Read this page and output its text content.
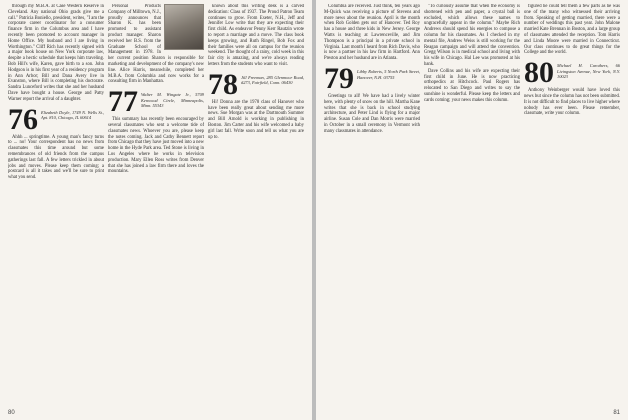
through my M.B.A. at Case Western Reserve in Cleveland. Any national Ohio grads give me a call." Patricia Boniello, president, writes, "I am the corporate career coordinator for a consumer finance firm in the Columbus area and I have recently been promoted to account manager in Home Office. My husband and I are living in Worthington." Cliff Rich has recently signed with a major book house on New York corporate law, despite a hectic schedule that keeps him traveling. Bob Hill's wife, Karen, gave birth to a son. John Hodgson is in his first year of a residency program in Ann Arbor; Bill and Dana Avery live in Evanston, where Bill is completing his doctorate. Sandra Lunceford writes that she and her husband Dave have bought a house. George and Patty Warner report the arrival of a daughter.

76 Elizabeth Doyle, 1749 N. Wells St., Apt. 810, Chicago, IL 60614

Ahhh ... springtime. A young man's fancy turns to ... no! Your correspondent has no news from classmates this time around but some remembrances of old friends from the campus gatherings last fall. A few letters trickled in about jobs and moves. Please keep them coming; a postcard is all it takes and we'll be sure to print what you send.

Personal Products Company of Milltown, N.J., proudly announces that Sharon K. has been promoted to assistant product manager. Sharon received her B.S. from the Graduate School of Management in 1978. In her current position Sharon is responsible for marketing and development of the company's new line. Alice Harris, meanwhile, completed her M.B.A. from Columbia and now works for a consulting firm in Manhattan.

77 Walter M. Wingate Jr., 5709 Kenwood Circle, Minneapolis, Minn. 55343

This summary has recently been encouraged by several classmates who sent a welcome tide of classmates news. Whoever you are, please keep the notes coming. Jack and Cathy Bennett report from Chicago that they have just moved into a new home in the Hyde Park area. Ted Stone is living in Los Angeles where he works in television production. Mary Ellen Ross writes from Denver that she has joined a law firm there and loves the mountains.

known about this writing desk is a carved dedication: Class of 1937. The Proud Patron Team continues to grow. From Exeter, N.H., Jeff and Jennifer Low write that they are expecting their first child. As endeavor Penny Kerr Rautzin wrote to report a marriage and a move. The class book keeps growing, and Ruth Ringel, Bob Fox and their families were all on campus for the reunion weekend. The thought of a rainy, cold week in this fair city is amazing, and we're always reading letters from the students who want to visit.

78 Jill Freeman, 285 Glenmoor Road, #273, Fairfield, Conn. 06430

Hi! Donna are the 1978 class of Hanover who have been really great about sending me more news. Sue Morgan was at the Dartmouth Summer and Bill Arnold is working in publishing in Boston. Jim Carter and his wife welcomed a baby girl last fall. Write soon and tell us what you are up to.

80

Columbia are received. Just think, ten years ago M-Quick was receiving a picture of Stevens and more news about the reunion. April is the month when Rob Golden gets out of Hanover. Ted Roy has a house and three kids in New Jersey. George Watts is teaching at Lawrenceville, and Jim Thompson is a principal in a private school in Virginia. Last month I heard from Rich Davis, who is now a partner in his law firm in Hartford. Ann Preston and her husband are in Atlanta.

79 Libby Roberts, 5 North Park Street, Hanover, N.H. 03755

Greetings to all! We have had a lively winter here, with plenty of snow on the hill. Martha Kane writes that she is back in school studying architecture, and Peter Lind is flying for a major airline. Susan Cole and Dan Morris were married in October in a small ceremony in Vermont with many classmates in attendance.

"To curiously assume that when the economy is shortened with pen and paper, a crystal ball is excluded, which allows these names to ungracefully appear in the column." Maybe Rich Andrews should spend his energies to compose a column for his classmates. As I checked in my mental file, Andrew Weiss is still working for the Reagan campaign and will attend the convention. Gregg Wilson is in medical school and living with his wife in Chicago. Hal Lee was promoted at his bank.

Dave Collins and his wife are expecting their first child in June. He is now practicing orthopedics at Hitchcock. Paul Rogers has relocated to San Diego and writes to say the sunshine is wonderful. Please keep the letters and cards coming; your news makes this column.

figured he could tell them a few parts as he was one of the many who witnessed their arriving from. Speaking of getting married, there were a number of weddings this past year. John Malone married Kate Brennan in Boston, and a large group of classmates attended the reception. Tom Harris and Linda Moore were married in Connecticut. Our class continues to do great things for the College and the world.

80 Michael H. Carothers, 66 Livingston Avenue, New York, N.Y. 10023

Anthony Weinberger would have loved this news but since the column has not been submitted. It is not difficult to find places to live higher where nobody has ever been. Please remember, classmate, write your column.

81
